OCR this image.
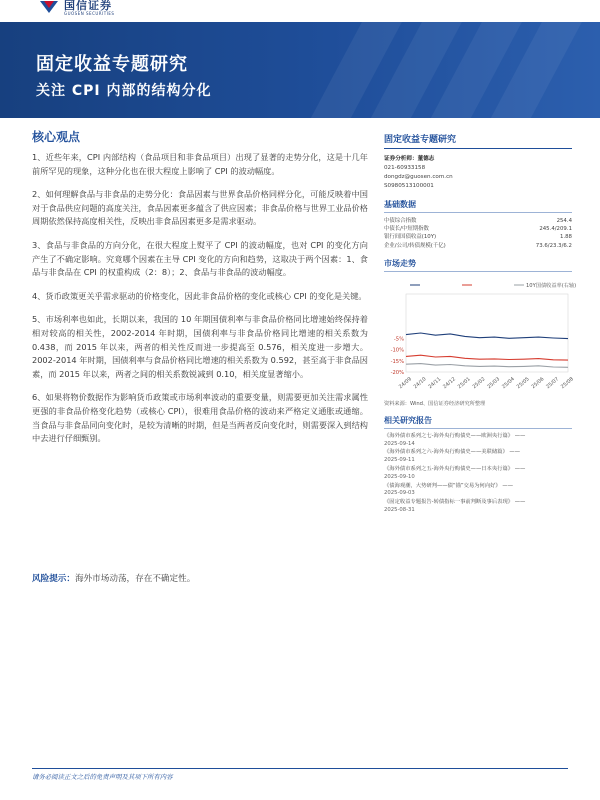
国信证券
GUOSEN SECURITIES
固定收益专题研究
关注 CPI 内部的结构分化
核心观点

1、近些年来，CPI 内部结构（食品项目和非食品项目）出现了显著的走势分化，这是十几年前所罕见的现象，这种分化也在很大程度上影响了 CPI 的波动幅度。

2、如何理解食品与非食品的走势分化：食品因素与世界食品价格同样分化，可能反映着中国对于食品供应问题的高度关注，食品因素更多蕴含了供应因素；非食品价格与世界工业品价格周期依然保持高度相关性，反映出非食品因素更多是需求驱动。

3、食品与非食品的方向分化，在很大程度上熨平了 CPI 的波动幅度，也对 CPI 的变化方向产生了不确定影响。究竟哪个因素在主导 CPI 变化的方向和趋势，这取决于两个因素：1、食品与非食品在 CPI 的权重构成（2：8）；2、食品与非食品的波动幅度。

4、货币政策更关乎需求驱动的价格变化，因此非食品价格的变化或核心 CPI 的变化是关键。

5、市场利率也如此，长期以来，我国的 10 年期国债利率与非食品价格同比增速始终保持着相对较高的相关性，2002-2014 年时期，国债利率与非食品价格同比增速的相关系数为 0.438，而 2015 年以来，两者的相关性反而进一步提高至 0.576，相关度进一步增大。2002-2014 年时期，国债利率与食品价格同比增速的相关系数为 0.592，甚至高于非食品因素，而 2015 年以来，两者之间的相关系数锐减到 0.10，相关度显著缩小。

6、如果将物价数据作为影响货币政策或市场利率波动的重要变量，则需要更加关注需求属性更强的非食品价格变化趋势（或核心 CPI），很难用食品价格的波动来严格定义通胀或通缩。当食品与非食品同向变化时，是较为清晰的时期，但是当两者反向变化时，则需要深入到结构中去进行仔细甄别。

风险提示：海外市场动荡，存在不确定性。
固定收益专题研究
证券分析师：董德志
021-60933158
dongdz@guosen.com.cn
S0980513100001
基础数据
中债综合指数	254.4
中债长/中短期指数	245.4/209.1
银行间国债收益(10Y)	1.88
企业/公司/转债规模(千亿)	73.6/23.3/6.2
市场走势
10Y国债收益率(右轴)
-5%
-10%
-15%
-20%
24/09 24/10 24/11 24/12 25/01 25/02 25/03 25/04 25/05 25/06 25/07 25/08
资料来源：Wind、国信证券经济研究所整理
相关研究报告
《海外债市系列之七-海外央行购债史——欧洲央行篇》 ——
2025-09-14
《海外债市系列之六-海外央行购债史——美联储篇》 ——
2025-09-11
《海外债市系列之五-海外央行购债史——日本央行篇》 ——
2025-09-10
《债海观潮，大势研判——债“锚”交易为何向好》 ——
2025-09-03
《固定收益专题报告-转债指标一事前判断及事后表现》 ——
2025-08-31
请务必阅读正文之后的免责声明及其项下所有内容
